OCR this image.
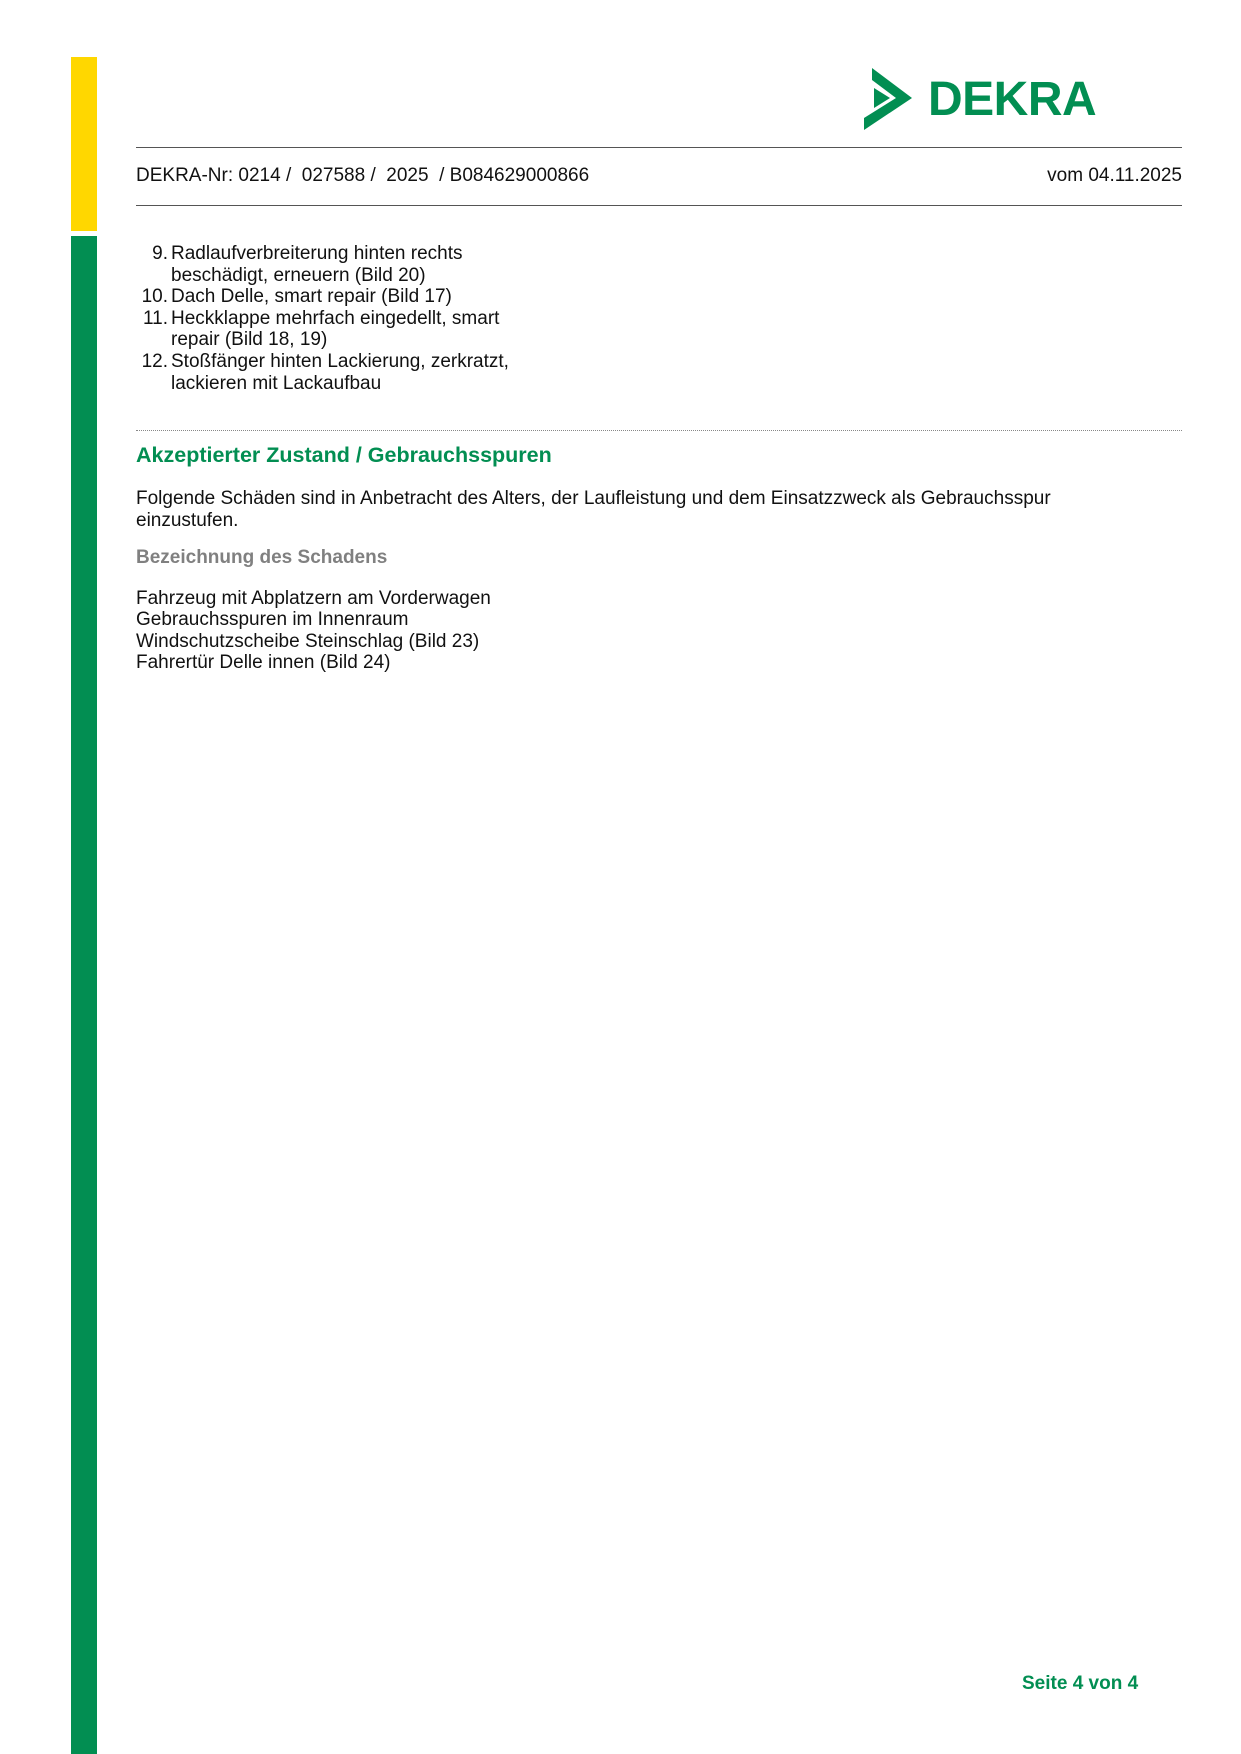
DEKRA
DEKRA-Nr: 0214 /  027588 /  2025  / B084629000866	vom 04.11.2025
9. Radlaufverbreiterung hinten rechts
beschädigt, erneuern (Bild 20)
10. Dach Delle, smart repair (Bild 17)
11. Heckklappe mehrfach eingedellt, smart
repair (Bild 18, 19)
12. Stoßfänger hinten Lackierung, zerkratzt,
lackieren mit Lackaufbau
Akzeptierter Zustand / Gebrauchsspuren
Folgende Schäden sind in Anbetracht des Alters, der Laufleistung und dem Einsatzzweck als Gebrauchsspur
einzustufen.
Bezeichnung des Schadens
Fahrzeug mit Abplatzern am Vorderwagen
Gebrauchsspuren im Innenraum
Windschutzscheibe Steinschlag (Bild 23)
Fahrertür Delle innen (Bild 24)
Seite 4 von 4
